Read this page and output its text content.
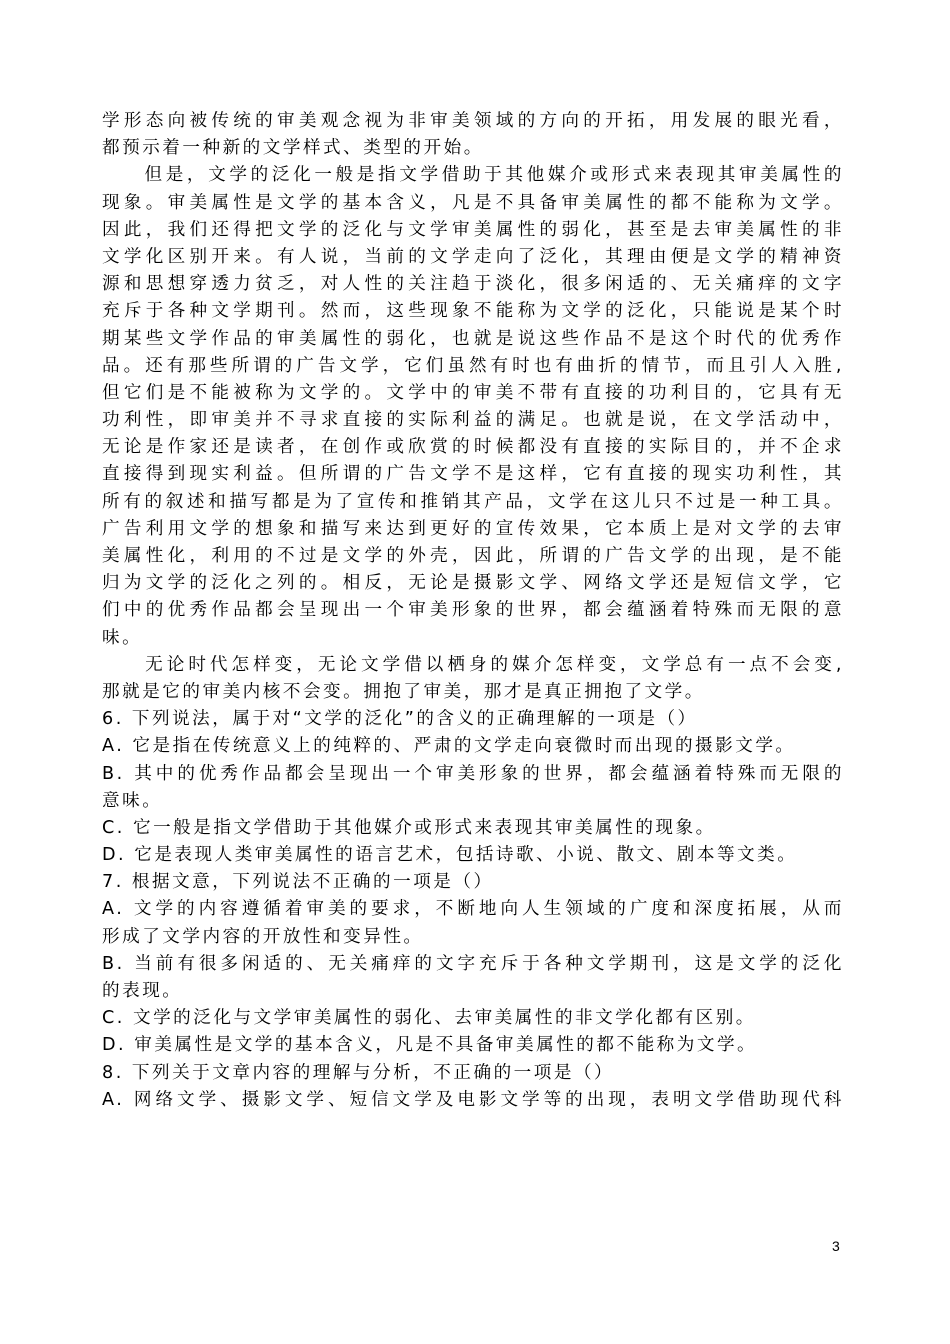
学形态向被传统的审美观念视为非审美领域的方向的开拓，用发展的眼光看，
都预示着一种新的文学样式、类型的开始。
　　但是，文学的泛化一般是指文学借助于其他媒介或形式来表现其审美属性的
现象。审美属性是文学的基本含义，凡是不具备审美属性的都不能称为文学。
因此，我们还得把文学的泛化与文学审美属性的弱化，甚至是去审美属性的非
文学化区别开来。有人说，当前的文学走向了泛化，其理由便是文学的精神资
源和思想穿透力贫乏，对人性的关注趋于淡化，很多闲适的、无关痛痒的文字
充斥于各种文学期刊。然而，这些现象不能称为文学的泛化，只能说是某个时
期某些文学作品的审美属性的弱化，也就是说这些作品不是这个时代的优秀作
品。还有那些所谓的广告文学，它们虽然有时也有曲折的情节，而且引人入胜,
但它们是不能被称为文学的。文学中的审美不带有直接的功利目的，它具有无
功利性，即审美并不寻求直接的实际利益的满足。也就是说，在文学活动中，
无论是作家还是读者，在创作或欣赏的时候都没有直接的实际目的，并不企求
直接得到现实利益。但所谓的广告文学不是这样，它有直接的现实功利性，其
所有的叙述和描写都是为了宣传和推销其产品，文学在这儿只不过是一种工具。
广告利用文学的想象和描写来达到更好的宣传效果，它本质上是对文学的去审
美属性化，利用的不过是文学的外壳，因此，所谓的广告文学的出现，是不能
归为文学的泛化之列的。相反，无论是摄影文学、网络文学还是短信文学，它
们中的优秀作品都会呈现出一个审美形象的世界，都会蕴涵着特殊而无限的意
味。
　　无论时代怎样变，无论文学借以栖身的媒介怎样变，文学总有一点不会变,
那就是它的审美内核不会变。拥抱了审美，那才是真正拥抱了文学。
6. 下列说法，属于对“文学的泛化”的含义的正确理解的一项是（）
A. 它是指在传统意义上的纯粹的、严肃的文学走向衰微时而出现的摄影文学。
B. 其中的优秀作品都会呈现出一个审美形象的世界，都会蕴涵着特殊而无限的
意味。
C. 它一般是指文学借助于其他媒介或形式来表现其审美属性的现象。
D. 它是表现人类审美属性的语言艺术，包括诗歌、小说、散文、剧本等文类。
7. 根据文意，下列说法不正确的一项是（）
A. 文学的内容遵循着审美的要求，不断地向人生领域的广度和深度拓展，从而
形成了文学内容的开放性和变异性。
B. 当前有很多闲适的、无关痛痒的文字充斥于各种文学期刊，这是文学的泛化
的表现。
C. 文学的泛化与文学审美属性的弱化、去审美属性的非文学化都有区别。
D. 审美属性是文学的基本含义，凡是不具备审美属性的都不能称为文学。
8. 下列关于文章内容的理解与分析，不正确的一项是（）
A. 网络文学、摄影文学、短信文学及电影文学等的出现，表明文学借助现代科
3
